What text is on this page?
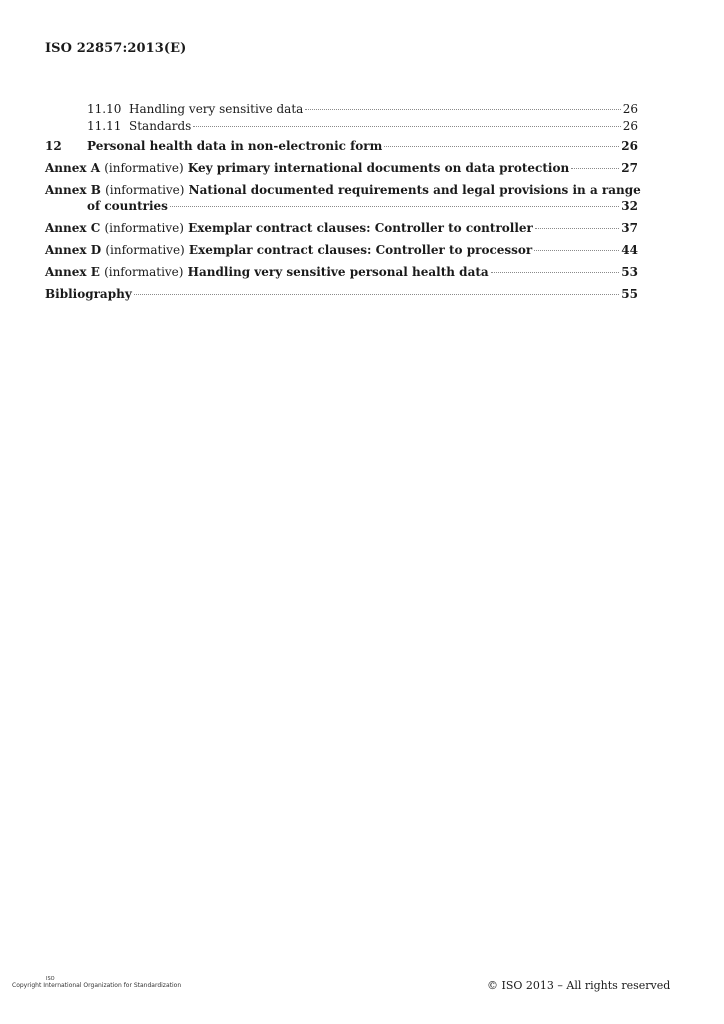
ISO 22857:2013(E)
11.10 Handling very sensitive data	26
11.11 Standards	26
12	Personal health data in non-electronic form	26
Annex A (informative) Key primary international documents on data protection	27
Annex B (informative) National documented requirements and legal provisions in a range
of countries	32
Annex C (informative) Exemplar contract clauses: Controller to controller	37
Annex D (informative) Exemplar contract clauses: Controller to processor	44
Annex E (informative) Handling very sensitive personal health data	53
Bibliography	55
ISO
Copyright International Organization for Standardization	© ISO 2013 – All rights reserved
